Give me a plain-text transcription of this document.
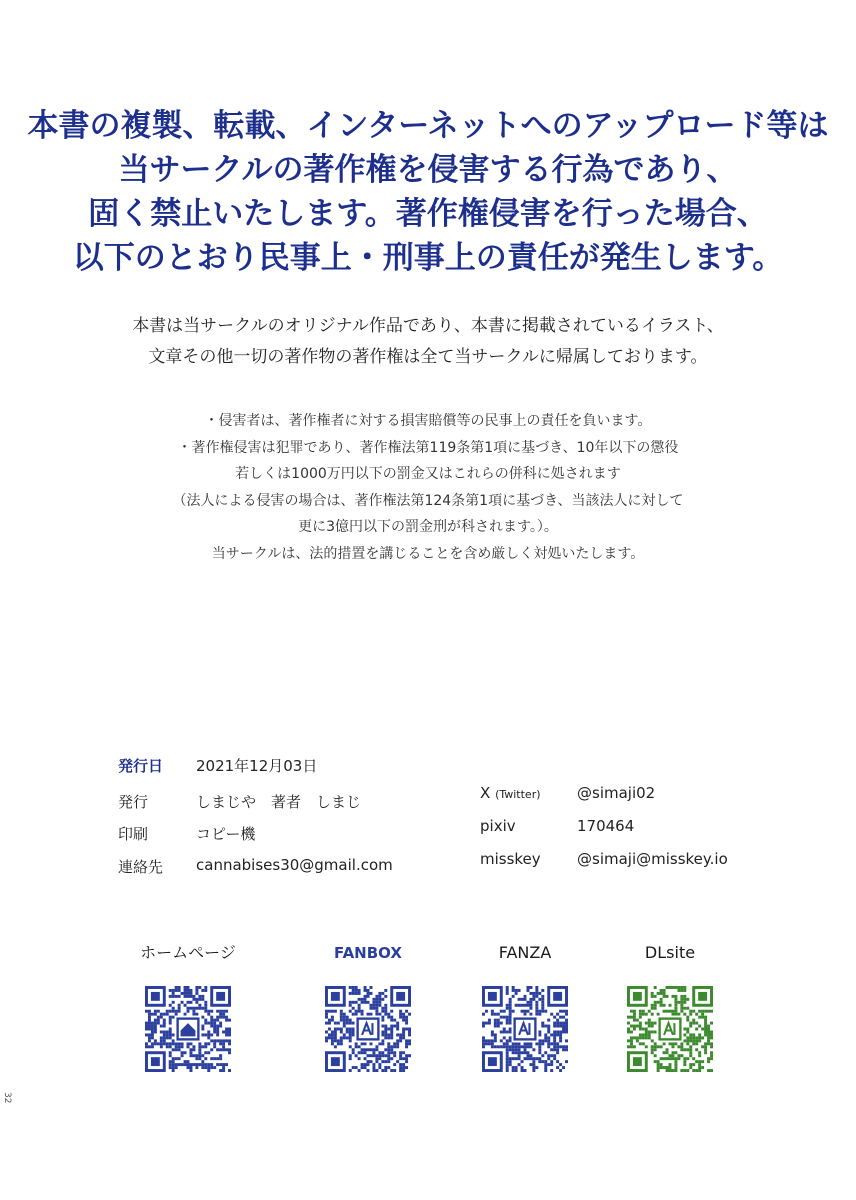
本書の複製、転載、インターネットへのアップロード等は
当サークルの著作権を侵害する行為であり、
固く禁止いたします。著作権侵害を行った場合、
以下のとおり民事上・刑事上の責任が発生します。
本書は当サークルのオリジナル作品であり、本書に掲載されているイラスト、
文章その他一切の著作物の著作権は全て当サークルに帰属しております。
・侵害者は、著作権者に対する損害賠償等の民事上の責任を負います。
・著作権侵害は犯罪であり、著作権法第119条第1項に基づき、10年以下の懲役
若しくは1000万円以下の罰金又はこれらの併科に処されます
（法人による侵害の場合は、著作権法第124条第1項に基づき、当該法人に対して
更に3億円以下の罰金刑が科されます。）。
当サークルは、法的措置を講じることを含め厳しく対処いたします。
発行日 2021年12月03日
発行	しまじや　著者　しまじ
印刷	コピー機
連絡先 cannabises30@gmail.com
X (Twitter) @simaji02
pixiv	170464
misskey @simaji@misskey.io
ホームページ	FANBOX	FANZA	DLsite
32
